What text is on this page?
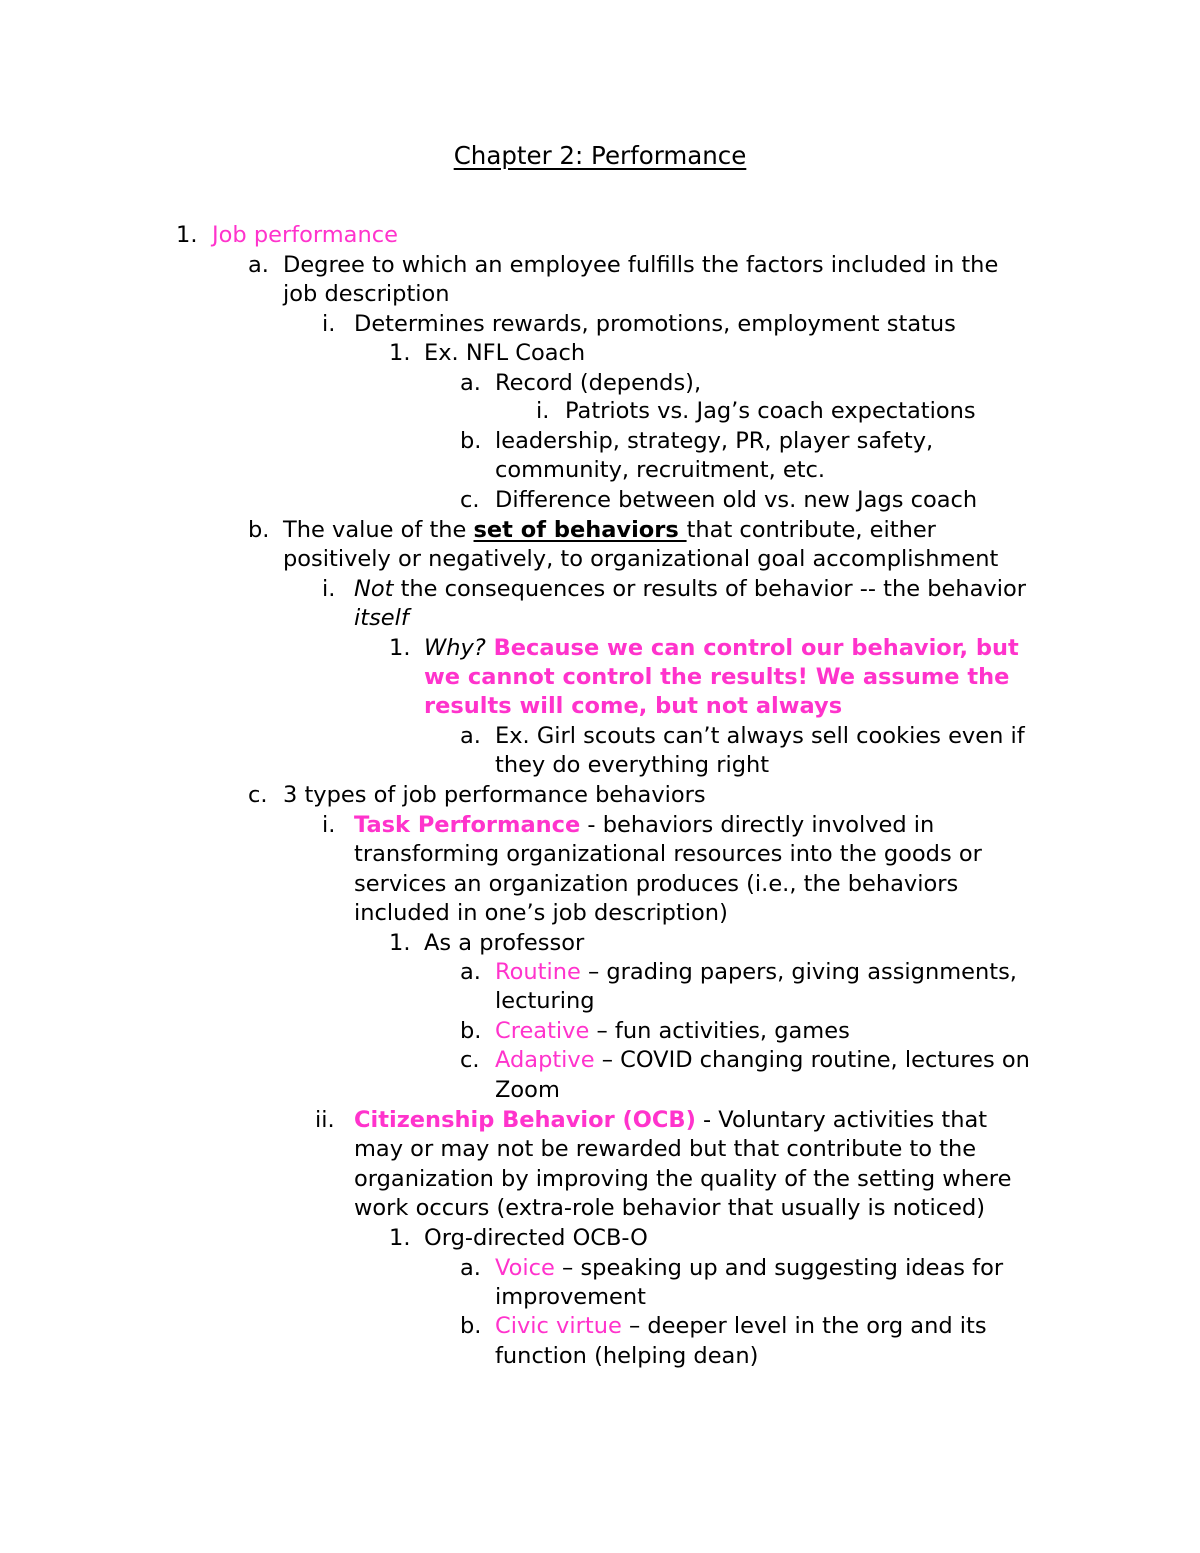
Chapter 2: Performance
1. Job performance
a. Degree to which an employee fulfills the factors included in the
job description
i. Determines rewards, promotions, employment status
1. Ex. NFL Coach
a. Record (depends),
i. Patriots vs. Jag’s coach expectations
b. leadership, strategy, PR, player safety,
community, recruitment, etc.
c. Difference between old vs. new Jags coach
b. The value of the set of behaviors that contribute, either
positively or negatively, to organizational goal accomplishment
i. Not the consequences or results of behavior -- the behavior
itself
1. Why? Because we can control our behavior, but
we cannot control the results! We assume the
results will come, but not always
a. Ex. Girl scouts can’t always sell cookies even if
they do everything right
c. 3 types of job performance behaviors
i. Task Performance - behaviors directly involved in
transforming organizational resources into the goods or
services an organization produces (i.e., the behaviors
included in one’s job description)
1. As a professor
a. Routine – grading papers, giving assignments,
lecturing
b. Creative – fun activities, games
c. Adaptive – COVID changing routine, lectures on
Zoom
ii. Citizenship Behavior (OCB) - Voluntary activities that
may or may not be rewarded but that contribute to the
organization by improving the quality of the setting where
work occurs (extra-role behavior that usually is noticed)
1. Org-directed OCB-O
a. Voice – speaking up and suggesting ideas for
improvement
b. Civic virtue – deeper level in the org and its
function (helping dean)
